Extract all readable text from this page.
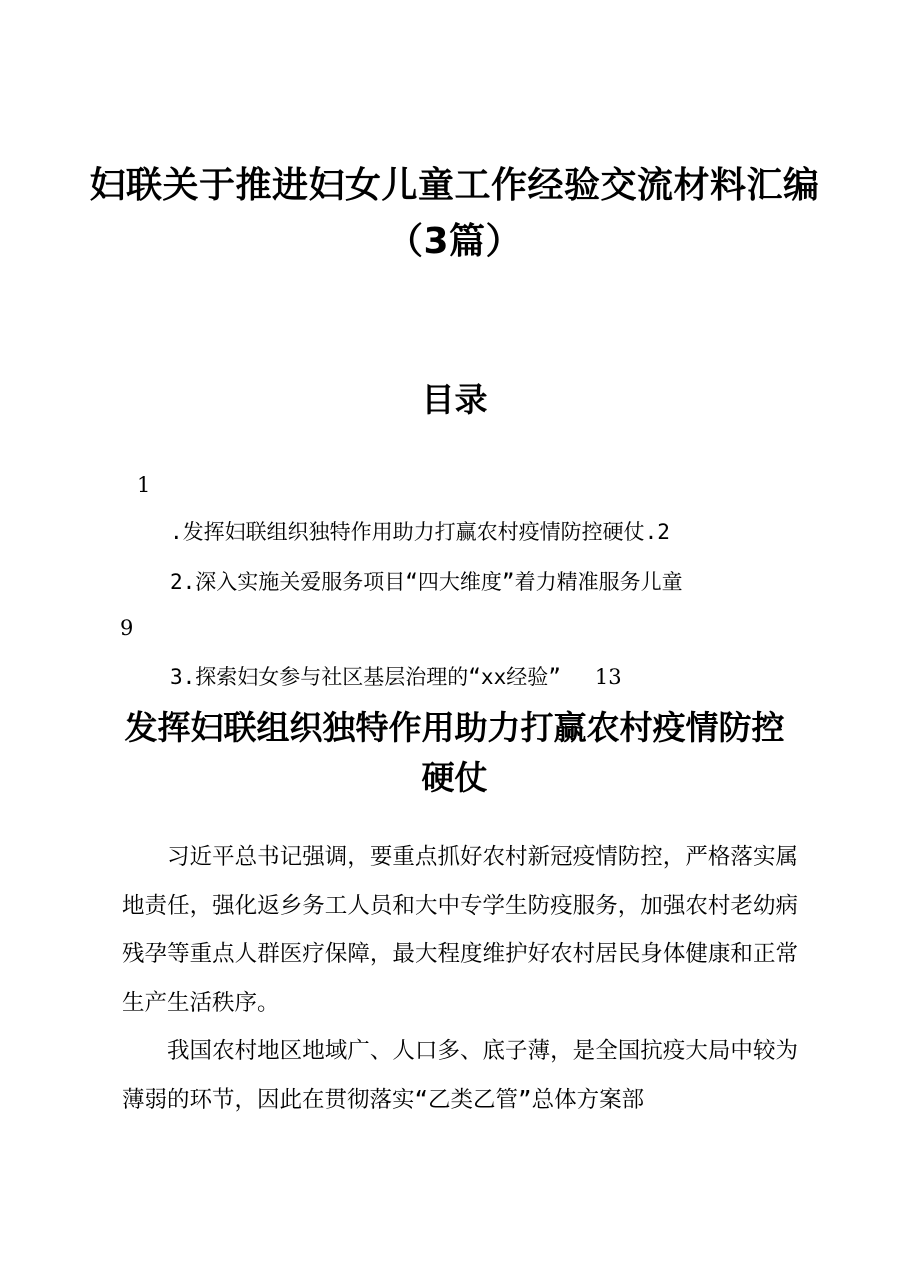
妇联关于推进妇女儿童工作经验交流材料汇编
（3篇）
目录
1
.发挥妇联组织独特作用助力打赢农村疫情防控硬仗.2
2.深入实施关爱服务项目“四大维度”着力精准服务儿童
9
3.探索妇女参与社区基层治理的“xx经验” 13
发挥妇联组织独特作用助力打赢农村疫情防控
硬仗

习近平总书记强调，要重点抓好农村新冠疫情防控，严格落实属地责任，强化返乡务工人员和大中专学生防疫服务，加强农村老幼病残孕等重点人群医疗保障，最大程度维护好农村居民身体健康和正常生产生活秩序。

我国农村地区地域广、人口多、底子薄，是全国抗疫大局中较为薄弱的环节，因此在贯彻落实“乙类乙管”总体方案部
